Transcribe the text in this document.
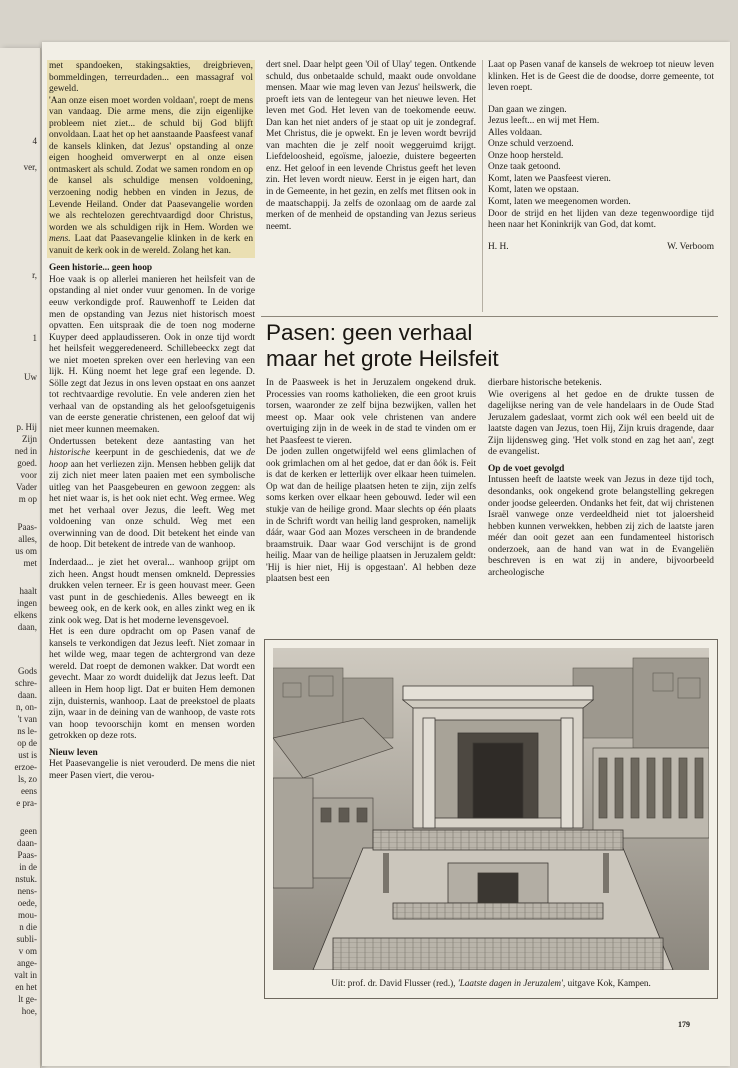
4
ver,
r,
1
Uw
p. Hij
Zijn
ned in
goed.
voor
Vader
m op
Paas-
alles,
us om
met
haalt
ingen
elkens
daan,
Gods
schre-
daan.
n, on-
't van
ns le-
op de
ust is
erzoe-
ls, zo
eens
e pra-
geen
daan-
Paas-
in de
nstuk.
nens-
oede,
mou-
n die
subli-
v om
ange-
valt in
en het
lt ge-
hoe,

met spandoeken, stakingsakties, dreigbrieven, bommeldingen, terreurdaden... een massagraf vol geweld.

'Aan onze eisen moet worden voldaan', roept de mens van vandaag. Die arme mens, die zijn eigenlijke probleem niet ziet... de schuld bij God blijft onvoldaan. Laat het op het aanstaande Paasfeest vanaf de kansels klinken, dat Jezus' opstanding al onze eigen hoogheid omverwerpt en al onze eisen ontmaskert als schuld. Zodat we samen rondom en op de kansel als schuldige mensen voldoening, verzoening nodig hebben en vinden in Jezus, de Levende Heiland. Onder dat Paasevangelie worden we als rechtelozen gerechtvaardigd door Christus, worden we als schuldigen rijk in Hem. Worden we mens. Laat dat Paasevangelie klinken in de kerk en vanuit de kerk ook in de wereld. Zolang het kan.

Geen historie... geen hoop

Hoe vaak is op allerlei manieren het heilsfeit van de opstanding al niet onder vuur genomen. In de vorige eeuw verkondigde prof. Rauwenhoff te Leiden dat men de opstanding van Jezus niet historisch moest opvatten. Een uitspraak die de toen nog moderne Kuyper deed applaudisseren. Ook in onze tijd wordt het heilsfeit weggeredeneerd. Schillebeeckx zegt dat we niet moeten spreken over een herleving van een lijk. H. Küng noemt het lege graf een legende. D. Sölle zegt dat Jezus in ons leven opstaat en ons aanzet tot rechtvaardige revolutie. En vele anderen zien het verhaal van de opstanding als het geloofsgetuigenis van de eerste generatie christenen, een geloof dat wij niet meer kunnen meemaken.

Ondertussen betekent deze aantasting van het historische keerpunt in de geschiedenis, dat we de hoop aan het verliezen zijn. Mensen hebben gelijk dat zij zich niet meer laten paaien met een symbolische uitleg van het Paasgebeuren en gewoon zeggen: als het niet waar is, is het ook niet echt. Weg ermee. Weg met het verhaal over Jezus, die leeft. Weg met voldoening van onze schuld. Weg met een overwinning van de dood. Dit betekent het einde van de hoop. Dit betekent de intrede van de wanhoop.

Inderdaad... je ziet het overal... wanhoop grijpt om zich heen. Angst houdt mensen omkneld. Depressies drukken velen terneer. Er is geen houvast meer. Geen vast punt in de geschiedenis. Alles beweegt en ik beweeg ook, en de kerk ook, en alles zinkt weg en ik zink ook weg. Dat is het moderne levensgevoel.

Het is een dure opdracht om op Pasen vanaf de kansels te verkondigen dat Jezus leeft. Niet zomaar in het wilde weg, maar tegen de achtergrond van deze wereld. Dat roept de demonen wakker. Dat wordt een gevecht. Maar zo wordt duidelijk dat Jezus leeft. Dat alleen in Hem hoop ligt. Dat er buiten Hem demonen zijn, duisternis, wanhoop. Laat de preekstoel de plaats zijn, waar in de deining van de wanhoop, de vaste rots van hoop tevoorschijn komt en mensen worden getrokken op deze rots.

Nieuw leven

Het Paasevangelie is niet verouderd. De mens die niet meer Pasen viert, die verou-

dert snel. Daar helpt geen 'Oil of Ulay' tegen. Ontkende schuld, dus onbetaalde schuld, maakt oude onvoldane mensen. Maar wie mag leven van Jezus' heilswerk, die proeft iets van de lentegeur van het nieuwe leven. Het leven met God. Het leven van de toekomende eeuw. Dan kan het niet anders of je staat op uit je zondegraf. Met Christus, die je opwekt. En je leven wordt bevrijd van machten die je zelf nooit weggeruimd krijgt. Liefdeloosheid, egoïsme, jaloezie, duistere begeerten enz. Het geloof in een levende Christus geeft het leven zin. Het leven wordt nieuw. Eerst in je eigen hart, dan in de Gemeente, in het gezin, en zelfs met flitsen ook in de maatschappij. Ja zelfs de ozonlaag om de aarde zal merken of de menheid de opstanding van Jezus serieus neemt.

Laat op Pasen vanaf de kansels de wekroep tot nieuw leven klinken. Het is de Geest die de doodse, dorre gemeente, tot leven roept.

Dan gaan we zingen.

Jezus leeft... en wij met Hem.

Alles voldaan.

Onze schuld verzoend.

Onze hoop hersteld.

Onze taak getoond.

Komt, laten we Paasfeest vieren.

Komt, laten we opstaan.

Komt, laten we meegenomen worden.

Door de strijd en het lijden van deze tegenwoordige tijd heen naar het Koninkrijk van God, dat komt.

H. H.	W. Verboom
Pasen: geen verhaal
maar het grote Heilsfeit

In de Paasweek is het in Jeruzalem ongekend druk. Processies van rooms katholieken, die een groot kruis torsen, waaronder ze zelf bijna bezwijken, vallen het meest op. Maar ook vele christenen van andere overtuiging zijn in de week in de stad te vinden om er het Paasfeest te vieren.

De joden zullen ongetwijfeld wel eens glimlachen of ook grimlachen om al het gedoe, dat er dan ôók is. Feit is dat de kerken er letterlijk over elkaar heen tuimelen. Op wat dan de heilige plaatsen heten te zijn, zijn zelfs soms kerken over elkaar heen gebouwd. Ieder wil een stukje van de heilige grond. Maar slechts op één plaats in de Schrift wordt van heilig land gesproken, namelijk dáár, waar God aan Mozes verscheen in de brandende braamstruik. Daar waar God verschijnt is de grond heilig. Maar van de heilige plaatsen in Jeruzalem geldt: 'Hij is hier niet, Hij is opgestaan'. Al hebben deze plaatsen best een

dierbare historische betekenis.

Wie overigens al het gedoe en de drukte tussen de dagelijkse nering van de vele handelaars in de Oude Stad Jeruzalem gadeslaat, vormt zich ook wél een beeld uit de laatste dagen van Jezus, toen Hij, Zijn kruis dragende, daar Zijn lijdensweg ging. 'Het volk stond en zag het aan', zegt de evangelist.

Op de voet gevolgd

Intussen heeft de laatste week van Jezus in deze tijd toch, desondanks, ook ongekend grote belangstelling gekregen onder joodse geleerden. Ondanks het feit, dat wij christenen Israël vanwege onze verdeeldheid niet tot jaloersheid hebben kunnen verwekken, hebben zij zich de laatste jaren méér dan ooit gezet aan een fundamenteel historisch onderzoek, aan de hand van wat in de Evangeliën beschreven is en wat zij in andere, bijvoorbeeld archeologische

Uit: prof. dr. David Flusser (red.), 'Laatste dagen in Jeruzalem', uitgave Kok, Kampen.
179
